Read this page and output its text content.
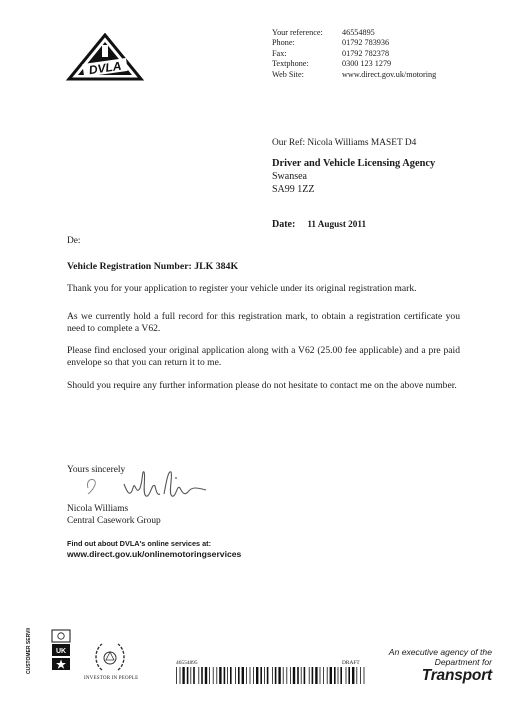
DVLA
Your reference:	46554895
Phone:	01792 783936
Fax:	01792 782378
Textphone:	0300 123 1279
Web Site:	www.direct.gov.uk/motoring
Our Ref: Nicola Williams MASET D4
Driver and Vehicle Licensing Agency
Swansea
SA99 1ZZ
Date: 11 August 2011
De:
Vehicle Registration Number: JLK 384K
Thank you for your application to register your vehicle under its original registration mark.
As we currently hold a full record for this registration mark, to obtain a registration certificate you need to complete a V62.
Please find enclosed your original application along with a V62 (25.00 fee applicable) and a pre paid envelope so that you can return it to me.
Should you require any further information please do not hesitate to contact me on the above number.
Yours sincerely
Nicola Williams
Central Casework Group
Find out about DVLA's online services at:
www.direct.gov.uk/onlinemotoringservices
CUSTOMER SERVICE EXCELLENCE	UK
INVESTOR IN PEOPLE
46554895	DRAFT
An executive agency of the
Department for
Transport
